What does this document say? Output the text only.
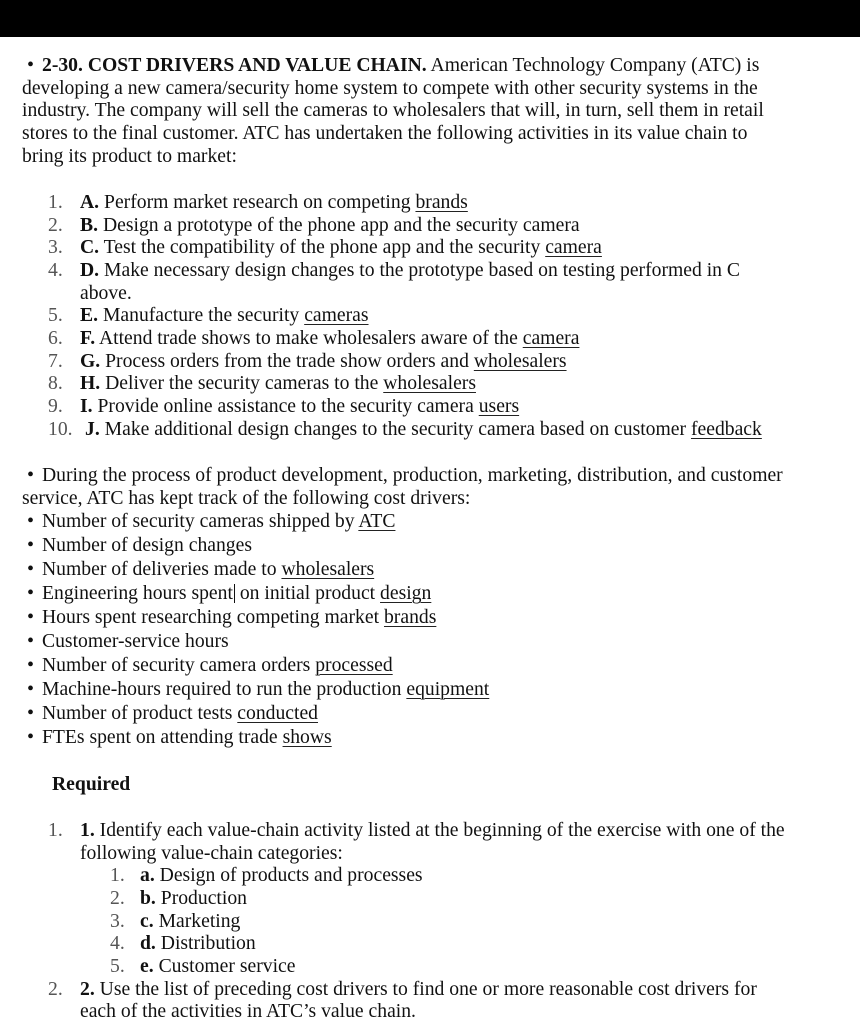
• 2-30. COST DRIVERS AND VALUE CHAIN. American Technology Company (ATC) is
developing a new camera/security home system to compete with other security systems in the
industry. The company will sell the cameras to wholesalers that will, in turn, sell them in retail
stores to the final customer. ATC has undertaken the following activities in its value chain to
bring its product to market:
1. A. Perform market research on competing brands
2. B. Design a prototype of the phone app and the security camera
3. C. Test the compatibility of the phone app and the security camera
4. D. Make necessary design changes to the prototype based on testing performed in C
above.
5. E. Manufacture the security cameras
6. F. Attend trade shows to make wholesalers aware of the camera
7. G. Process orders from the trade show orders and wholesalers
8. H. Deliver the security cameras to the wholesalers
9. I. Provide online assistance to the security camera users
10. J. Make additional design changes to the security camera based on customer feedback
• During the process of product development, production, marketing, distribution, and customer
service, ATC has kept track of the following cost drivers:
• Number of security cameras shipped by ATC
• Number of design changes
• Number of deliveries made to wholesalers
• Engineering hours spent on initial product design
• Hours spent researching competing market brands
• Customer-service hours
• Number of security camera orders processed
• Machine-hours required to run the production equipment
• Number of product tests conducted
• FTEs spent on attending trade shows
Required
1. 1. Identify each value-chain activity listed at the beginning of the exercise with one of the
following value-chain categories:
1. a. Design of products and processes
2. b. Production
3. c. Marketing
4. d. Distribution
5. e. Customer service
2. 2. Use the list of preceding cost drivers to find one or more reasonable cost drivers for
each of the activities in ATC’s value chain.
